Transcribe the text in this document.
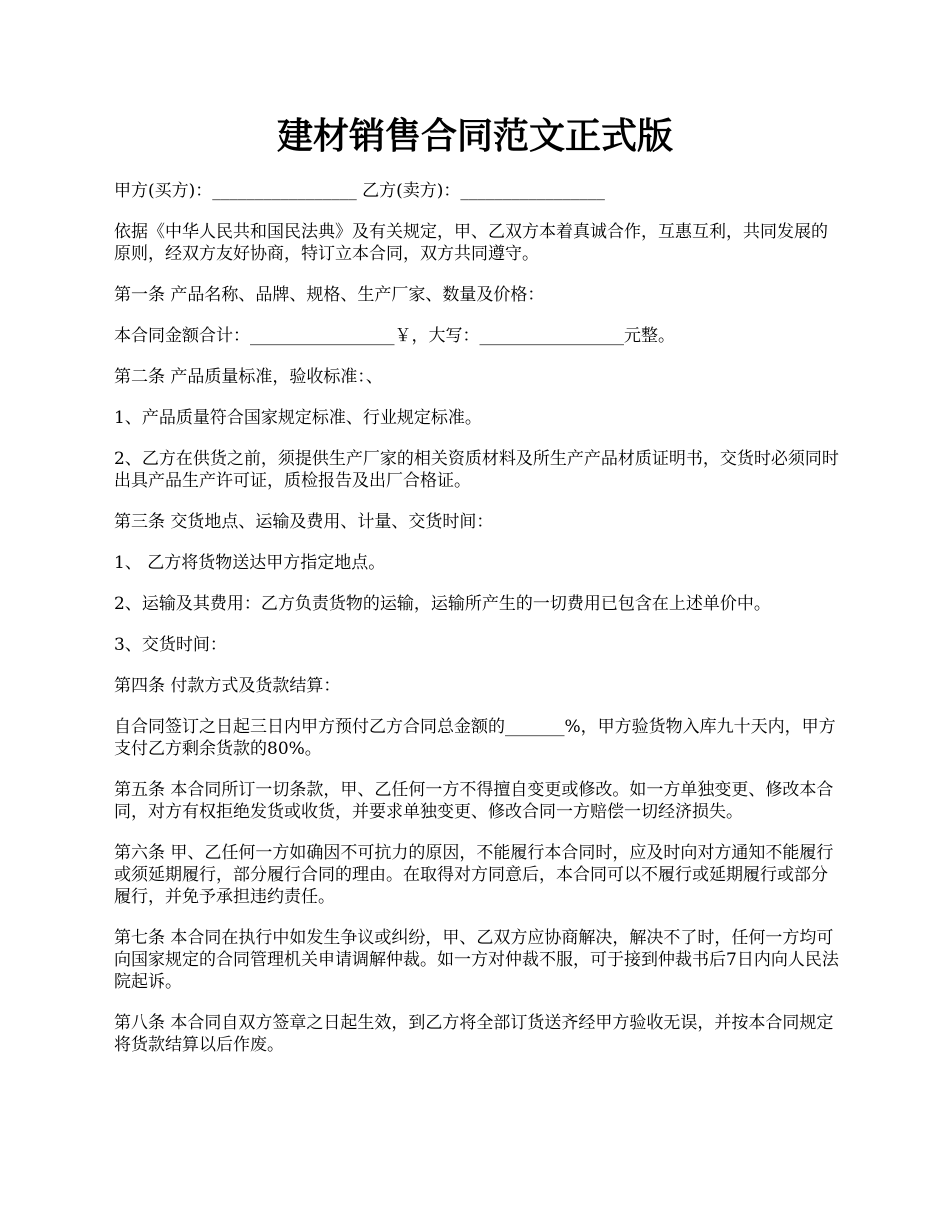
建材销售合同范文正式版

甲方(买方)：_________________ 乙方(卖方)：_________________

依据《中华人民共和国民法典》及有关规定，甲、乙双方本着真诚合作，互惠互利，共同发展的原则，经双方友好协商，特订立本合同，双方共同遵守。

第一条 产品名称、品牌、规格、生产厂家、数量及价格：

本合同金额合计：_________________￥，大写：_________________元整。

第二条 产品质量标准，验收标准：、

1、产品质量符合国家规定标准、行业规定标准。

2、乙方在供货之前，须提供生产厂家的相关资质材料及所生产产品材质证明书，交货时必须同时出具产品生产许可证，质检报告及出厂合格证。

第三条 交货地点、运输及费用、计量、交货时间：

1、 乙方将货物送达甲方指定地点。

2、运输及其费用：乙方负责货物的运输，运输所产生的一切费用已包含在上述单价中。

3、交货时间：

第四条 付款方式及货款结算：

自合同签订之日起三日内甲方预付乙方合同总金额的_______%，甲方验货物入库九十天内，甲方支付乙方剩余货款的80%。

第五条 本合同所订一切条款，甲、乙任何一方不得擅自变更或修改。如一方单独变更、修改本合同，对方有权拒绝发货或收货，并要求单独变更、修改合同一方赔偿一切经济损失。

第六条 甲、乙任何一方如确因不可抗力的原因，不能履行本合同时，应及时向对方通知不能履行或须延期履行，部分履行合同的理由。在取得对方同意后，本合同可以不履行或延期履行或部分履行，并免予承担违约责任。

第七条 本合同在执行中如发生争议或纠纷，甲、乙双方应协商解决，解决不了时，任何一方均可向国家规定的合同管理机关申请调解仲裁。如一方对仲裁不服，可于接到仲裁书后7日内向人民法院起诉。

第八条 本合同自双方签章之日起生效，到乙方将全部订货送齐经甲方验收无误，并按本合同规定将货款结算以后作废。
